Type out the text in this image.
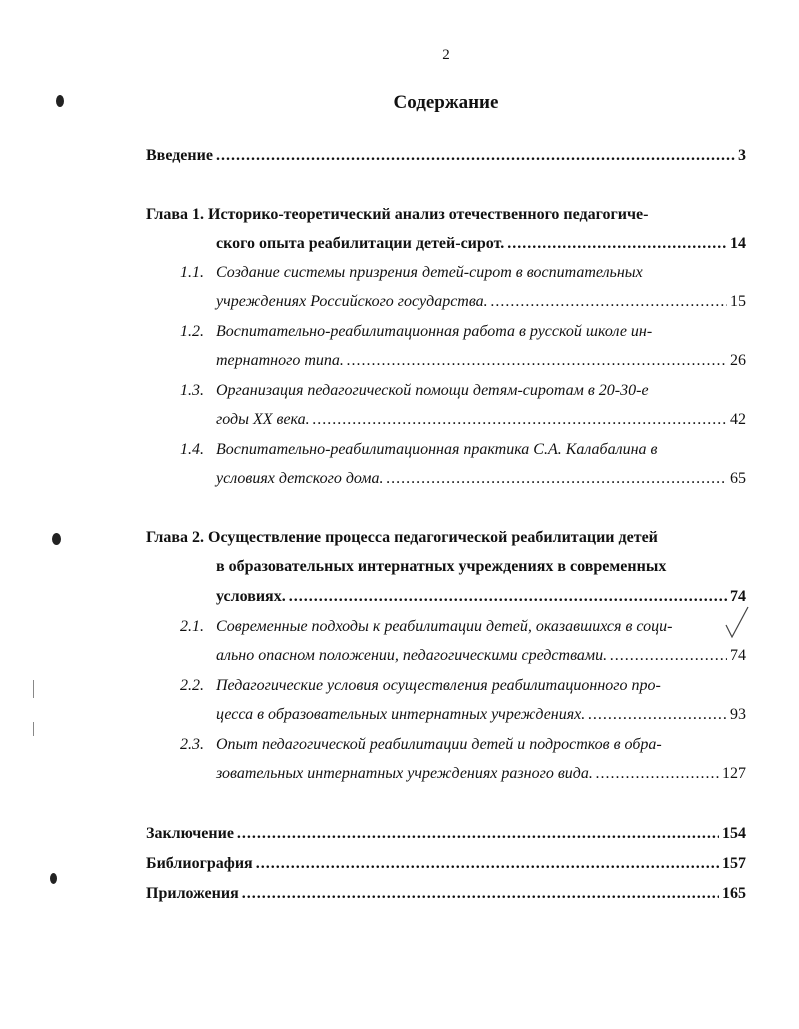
2
Содержание
Введение .....	3
Глава 1. Историко-теоретический анализ отечественного педагогиче-
ского опыта реабилитации детей-сирот. .....	14
1.1. Создание системы призрения детей-сирот в воспитательных
учреждениях Российского государства. .....	15
1.2. Воспитательно-реабилитационная работа в русской школе ин-
тернатного типа. .....	26
1.3. Организация педагогической помощи детям-сиротам в 20-30-е
годы XX века. .....	42
1.4. Воспитательно-реабилитационная практика С.А. Калабалина в
условиях детского дома. .....	65
Глава 2. Осуществление процесса педагогической реабилитации детей
в образовательных интернатных учреждениях в современных
условиях. .....	74
2.1. Современные подходы к реабилитации детей, оказавшихся в соци-
ально опасном положении, педагогическими средствами. .....	74
2.2. Педагогические условия осуществления реабилитационного про-
цесса в образовательных интернатных учреждениях. .....	93
2.3. Опыт педагогической реабилитации детей и подростков в обра-
зовательных интернатных учреждениях разного вида. .....	127
Заключение .....	154
Библиография .....	157
Приложения .....	165
